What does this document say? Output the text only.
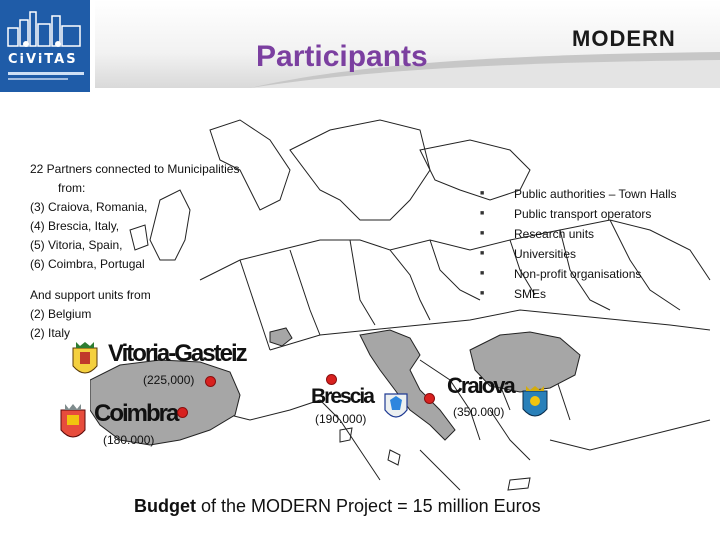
CiViTAS	Participants
MODERN
22 Partners connected to Municipalities
from:
(3) Craiova, Romania,
(4) Brescia, Italy,
(5) Vitoria, Spain,
(6) Coimbra, Portugal
And support units from
(2) Belgium
(2) Italy
■	Public authorities – Town Halls
■	Public transport operators
■	Research units
■	Universities
■	Non-profit organisations
■	SMEs
Vitoria-Gasteiz
(225,000)
Coimbra
(180.000)
Brescia
(190.000)
Craiova
(350.000)
Budget of the MODERN Project = 15 million Euros
